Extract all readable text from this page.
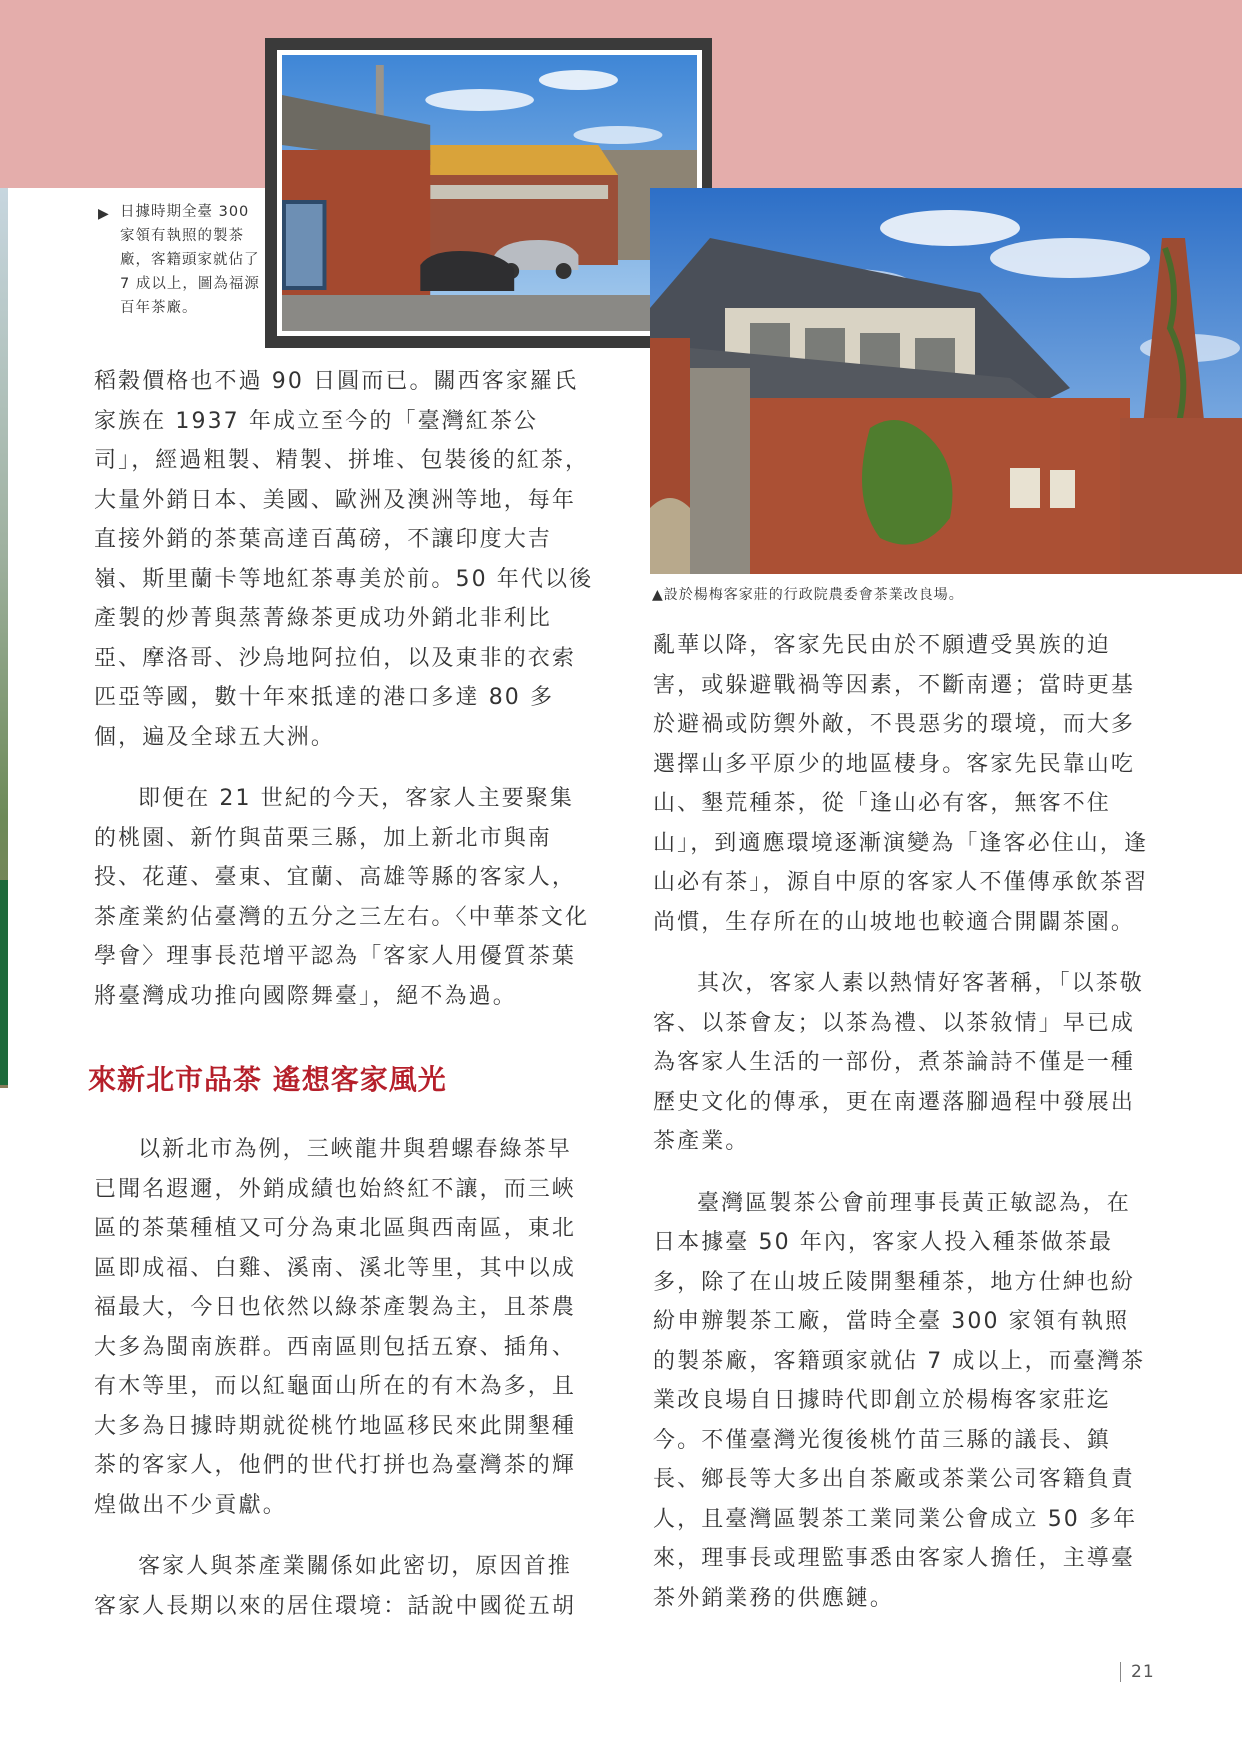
▶ 日據時期全臺 300 家領有執照的製茶廠，客籍頭家就佔了 7 成以上，圖為福源百年茶廠。
▲設於楊梅客家莊的行政院農委會茶業改良場。

稻穀價格也不過 90 日圓而已。關西客家羅氏家族在 1937 年成立至今的「臺灣紅茶公司」，經過粗製、精製、拼堆、包裝後的紅茶，大量外銷日本、美國、歐洲及澳洲等地，每年直接外銷的茶葉高達百萬磅，不讓印度大吉嶺、斯里蘭卡等地紅茶專美於前。50 年代以後產製的炒菁與蒸菁綠茶更成功外銷北非利比亞、摩洛哥、沙烏地阿拉伯，以及東非的衣索匹亞等國，數十年來抵達的港口多達 80 多個，遍及全球五大洲。

即便在 21 世紀的今天，客家人主要聚集的桃園、新竹與苗栗三縣，加上新北市與南投、花蓮、臺東、宜蘭、高雄等縣的客家人，茶產業約佔臺灣的五分之三左右。〈中華茶文化學會〉理事長范增平認為「客家人用優質茶葉將臺灣成功推向國際舞臺」，絕不為過。

來新北市品茶 遙想客家風光

以新北市為例，三峽龍井與碧螺春綠茶早已聞名遐邇，外銷成績也始終紅不讓，而三峽區的茶葉種植又可分為東北區與西南區，東北區即成福、白雞、溪南、溪北等里，其中以成福最大，今日也依然以綠茶產製為主，且茶農大多為閩南族群。西南區則包括五寮、插角、有木等里，而以紅龜面山所在的有木為多，且大多為日據時期就從桃竹地區移民來此開墾種茶的客家人，他們的世代打拼也為臺灣茶的輝煌做出不少貢獻。

客家人與茶產業關係如此密切，原因首推客家人長期以來的居住環境：話說中國從五胡

亂華以降，客家先民由於不願遭受異族的迫害，或躲避戰禍等因素，不斷南遷；當時更基於避禍或防禦外敵，不畏惡劣的環境，而大多選擇山多平原少的地區棲身。客家先民靠山吃山、墾荒種茶，從「逢山必有客，無客不住山」，到適應環境逐漸演變為「逢客必住山，逢山必有茶」，源自中原的客家人不僅傳承飲茶習尚慣，生存所在的山坡地也較適合開闢茶園。

其次，客家人素以熱情好客著稱，「以茶敬客、以茶會友；以茶為禮、以茶敘情」早已成為客家人生活的一部份，煮茶論詩不僅是一種歷史文化的傳承，更在南遷落腳過程中發展出茶產業。

臺灣區製茶公會前理事長黃正敏認為，在日本據臺 50 年內，客家人投入種茶做茶最多，除了在山坡丘陵開墾種茶，地方仕紳也紛紛申辦製茶工廠，當時全臺 300 家領有執照的製茶廠，客籍頭家就佔 7 成以上，而臺灣茶業改良場自日據時代即創立於楊梅客家莊迄今。不僅臺灣光復後桃竹苗三縣的議長、鎮長、鄉長等大多出自茶廠或茶業公司客籍負責人，且臺灣區製茶工業同業公會成立 50 多年來，理事長或理監事悉由客家人擔任，主導臺茶外銷業務的供應鏈。

21
